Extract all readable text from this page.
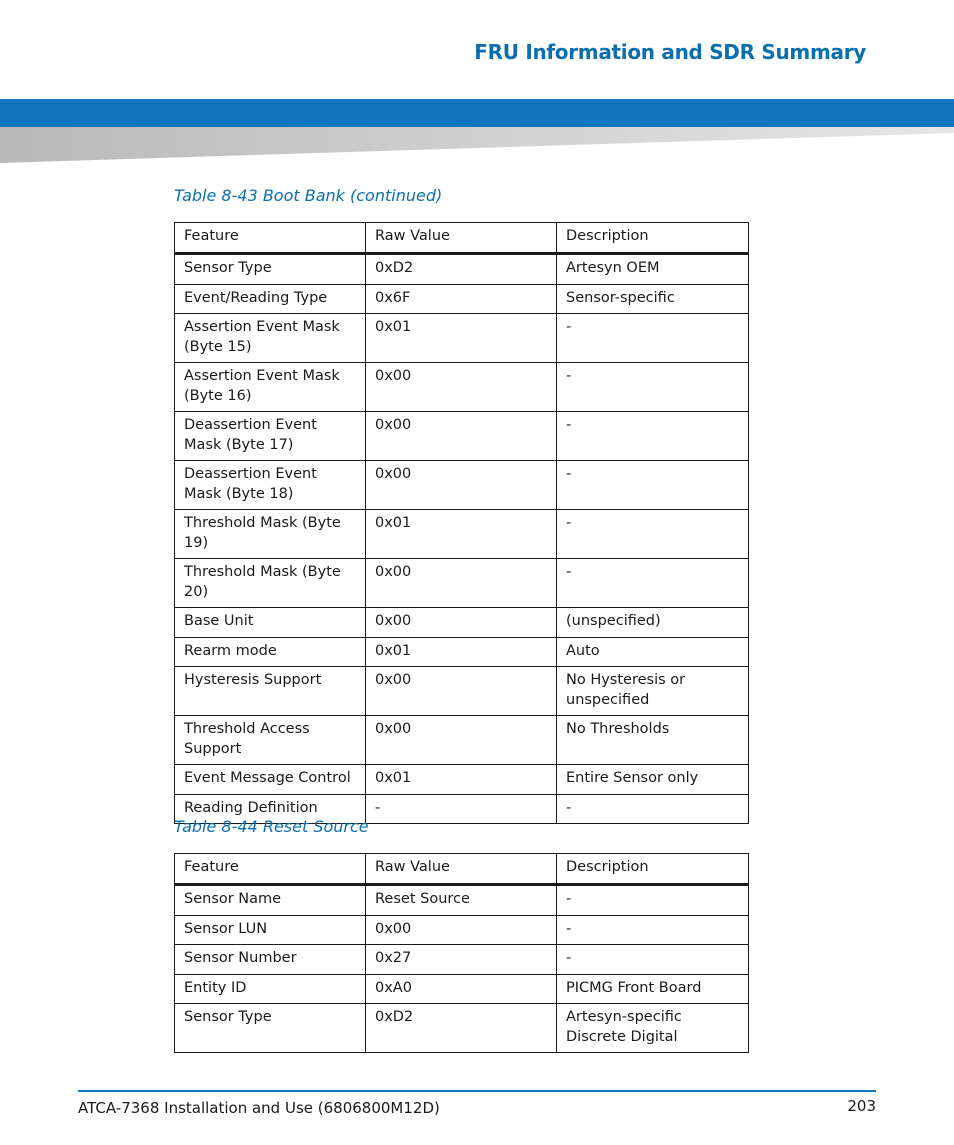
FRU Information and SDR Summary
Table 8-43 Boot Bank (continued)
Feature	Raw Value	Description
Sensor Type	0xD2	Artesyn OEM
Event/Reading Type	0x6F	Sensor-specific
Assertion Event Mask (Byte 15)	0x01	-
Assertion Event Mask (Byte 16)	0x00	-
Deassertion Event Mask (Byte 17)	0x00	-
Deassertion Event Mask (Byte 18)	0x00	-
Threshold Mask (Byte 19)	0x01	-
Threshold Mask (Byte 20)	0x00	-
Base Unit	0x00	(unspecified)
Rearm mode	0x01	Auto
Hysteresis Support	0x00	No Hysteresis or unspecified
Threshold Access Support	0x00	No Thresholds
Event Message Control	0x01	Entire Sensor only
Reading Definition	-	-
Table 8-44 Reset Source
Feature	Raw Value	Description
Sensor Name	Reset Source	-
Sensor LUN	0x00	-
Sensor Number	0x27	-
Entity ID	0xA0	PICMG Front Board
Sensor Type	0xD2	Artesyn-specific Discrete Digital
ATCA-7368 Installation and Use (6806800M12D)	203
